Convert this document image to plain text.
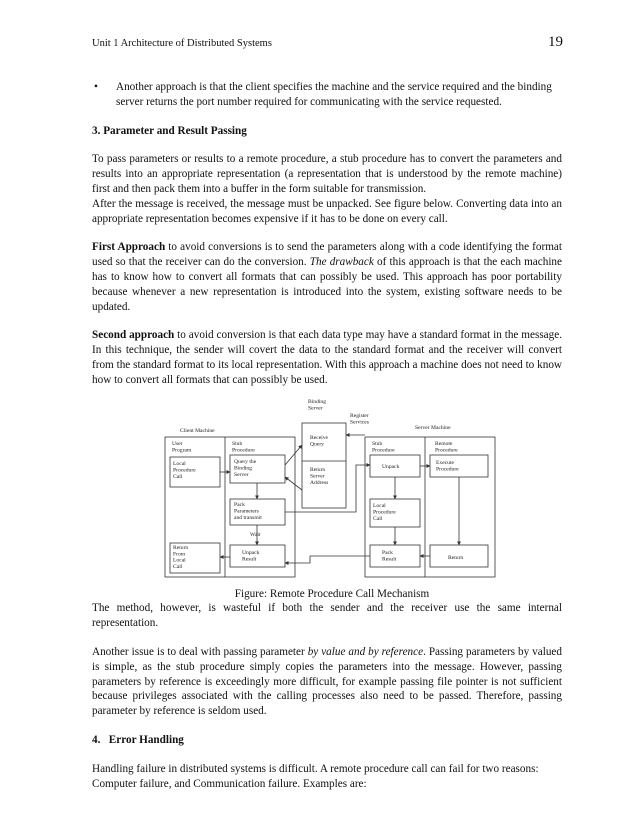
Unit 1 Architecture of Distributed Systems	19
•	Another approach is that the client specifies the machine and the service required and the binding server returns the port number required for communicating with the service requested.

3. Parameter and Result Passing

To pass parameters or results to a remote procedure, a stub procedure has to convert the parameters and results into an appropriate representation (a representation that is understood by the remote machine) first and then pack them into a buffer in the form suitable for transmission.

After the message is received, the message must be unpacked. See figure below. Converting data into an appropriate representation becomes expensive if it has to be done on every call.

First Approach to avoid conversions is to send the parameters along with a code identifying the format used so that the receiver can do the conversion. The drawback of this approach is that the each machine has to know how to convert all formats that can possibly be used. This approach has poor portability because whenever a new representation is introduced into the system, existing software needs to be updated.

Second approach to avoid conversion is that each data type may have a standard format in the message. In this technique, the sender will covert the data to the standard format and the receiver will convert from the standard format to its local representation. With this approach a machine does not need to know how to convert all formats that can possibly be used.

Binding Server
Register Services
Client Machine	Server Machine
Receive Query
Return Server Address
User Program
Stub Procedure
Local Procedure Call
Query the Binding Server
Pack Parameters and transmit
Wait
Return From Local Call
Unpack Result
Stub Procedure
Remote Procedure
Unpack
Execute Procedure
Local Procedure Call
Pack Result	Return

Figure: Remote Procedure Call Mechanism

The method, however, is wasteful if both the sender and the receiver use the same internal representation.

Another issue is to deal with passing parameter by value and by reference. Passing parameters by valued is simple, as the stub procedure simply copies the parameters into the message. However, passing parameters by reference is exceedingly more difficult, for example passing file pointer is not sufficient because privileges associated with the calling processes also need to be passed. Therefore, passing parameter by reference is seldom used.

4.   Error Handling

Handling failure in distributed systems is difficult. A remote procedure call can fail for two reasons: Computer failure, and Communication failure. Examples are:
